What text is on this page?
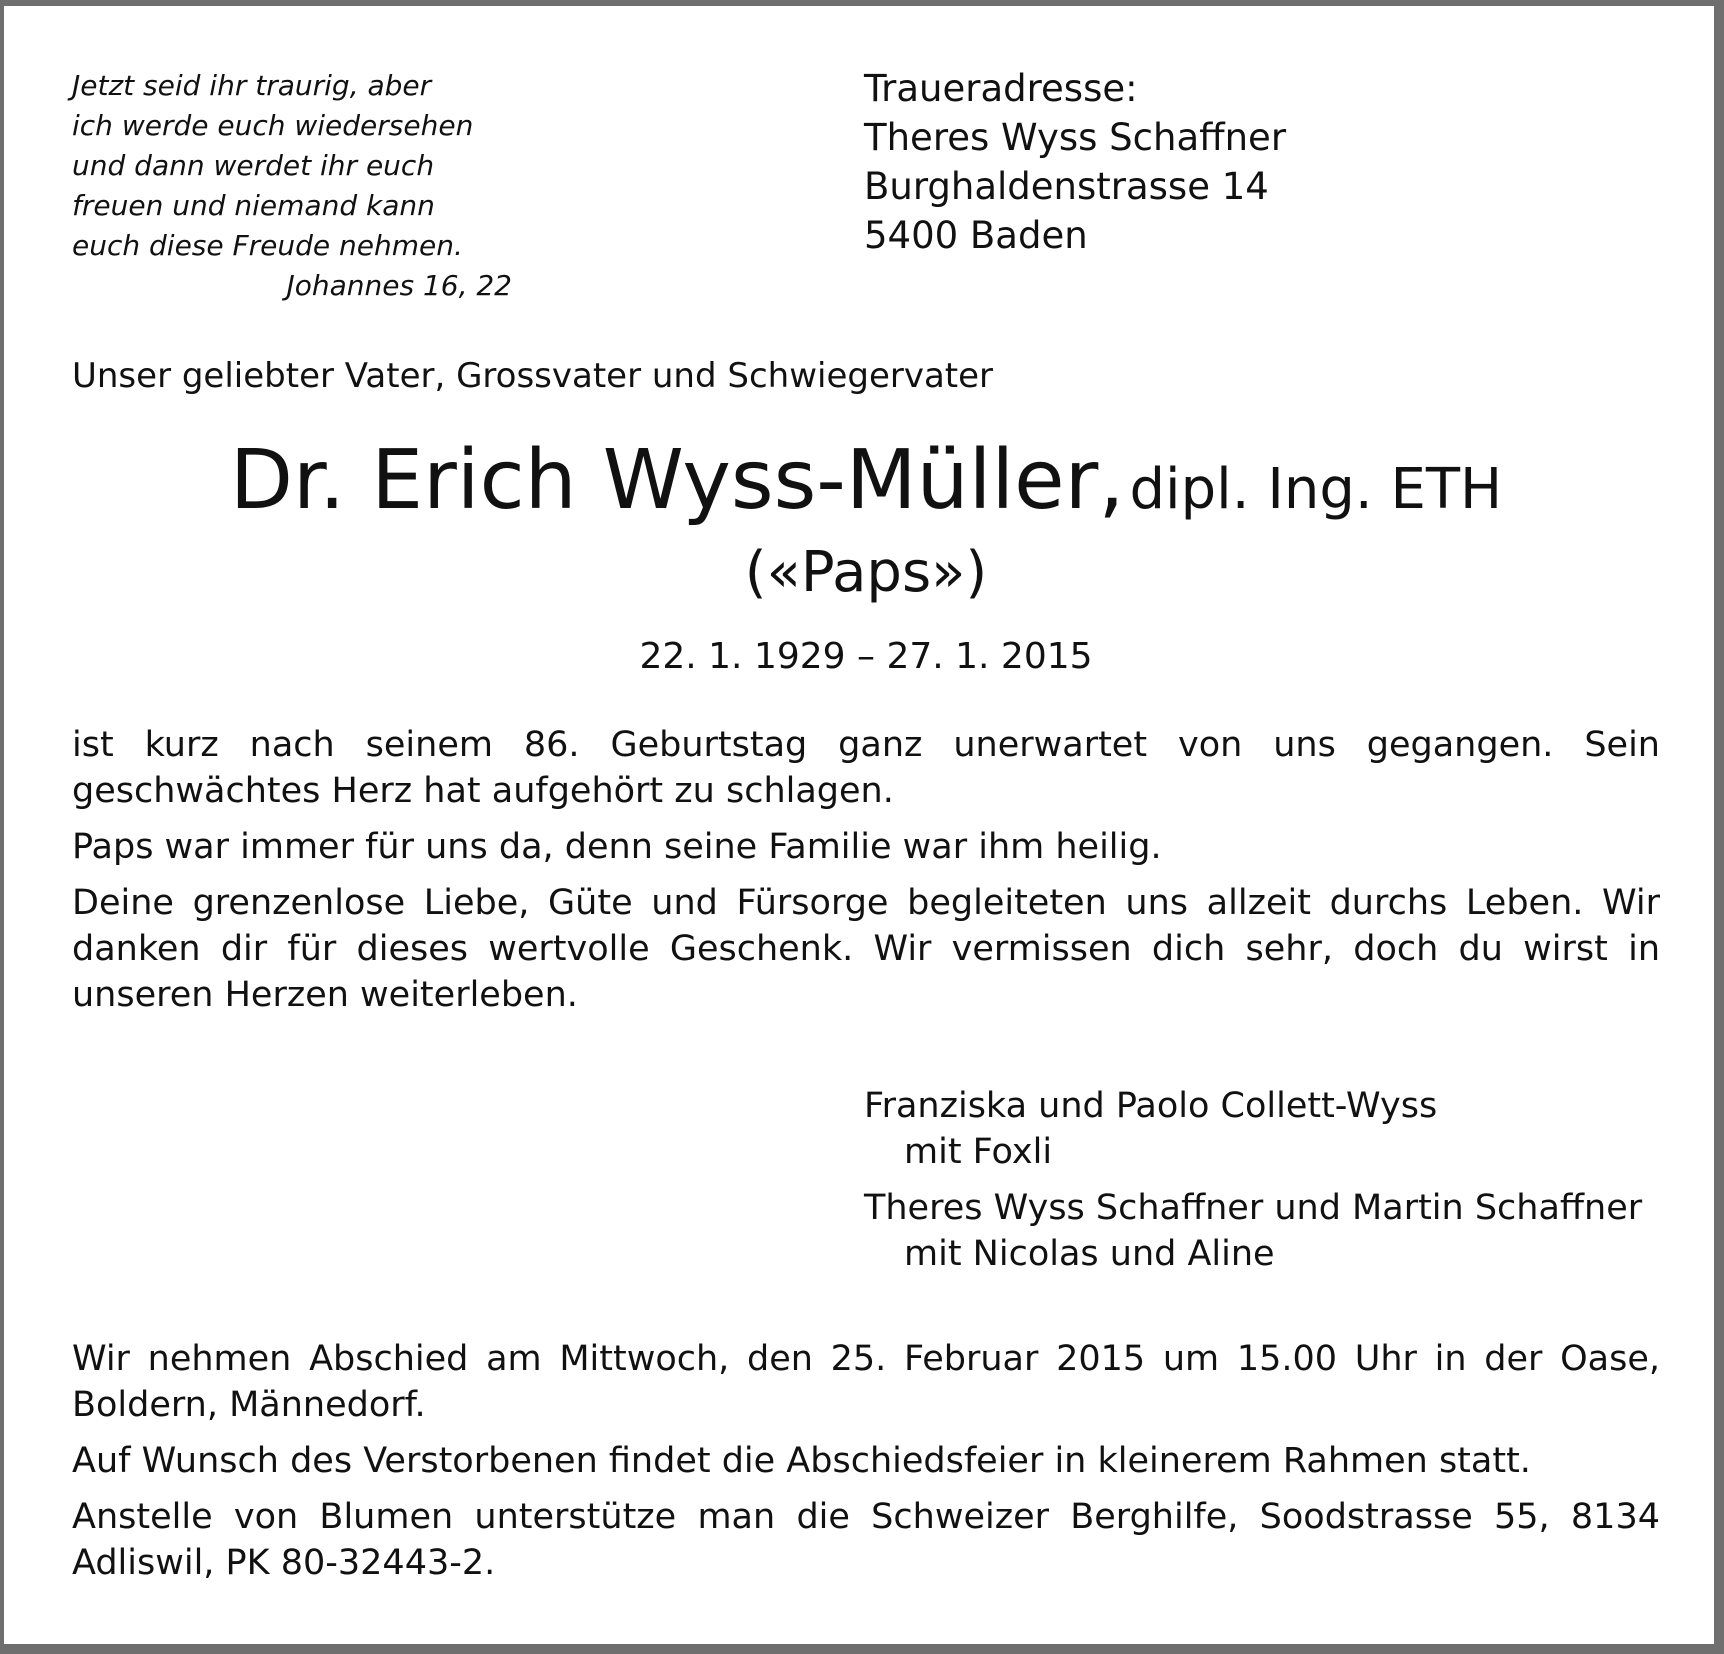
Jetzt seid ihr traurig, aber
ich werde euch wiedersehen
und dann werdet ihr euch
freuen und niemand kann
euch diese Freude nehmen.
Johannes 16, 22
Traueradresse:
Theres Wyss Schaffner
Burghaldenstrasse 14
5400 Baden
Unser geliebter Vater, Grossvater und Schwiegervater
Dr. Erich Wyss-Müller, dipl. Ing. ETH
(«Paps»)
22. 1. 1929 – 27. 1. 2015

ist kurz nach seinem 86. Geburtstag ganz unerwartet von uns gegangen. Sein geschwächtes Herz hat aufgehört zu schlagen.

Paps war immer für uns da, denn seine Familie war ihm heilig.

Deine grenzenlose Liebe, Güte und Fürsorge begleiteten uns allzeit durchs Leben. Wir danken dir für dieses wertvolle Geschenk. Wir vermissen dich sehr, doch du wirst in unseren Herzen weiterleben.

Franziska und Paolo Collett-Wyss
mit Foxli

Theres Wyss Schaffner und Martin Schaffner
mit Nicolas und Aline

Wir nehmen Abschied am Mittwoch, den 25. Februar 2015 um 15.00 Uhr in der Oase, Boldern, Männedorf.

Auf Wunsch des Verstorbenen findet die Abschiedsfeier in kleinerem Rahmen statt.

Anstelle von Blumen unterstütze man die Schweizer Berghilfe, Soodstrasse 55, 8134 Adliswil, PK 80-32443-2.
